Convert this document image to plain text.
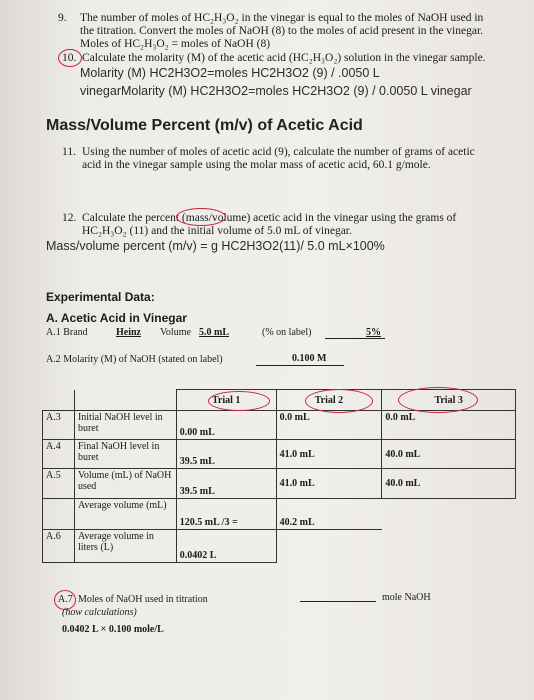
9. The number of moles of HC₂H₃O₂ in the vinegar is equal to the moles of NaOH used in
the titration. Convert the moles of NaOH (8) to the moles of acid present in the vinegar.
Moles of HC₂H₃O₂ = moles of NaOH (8)
10. Calculate the molarity (M) of the acetic acid (HC₂H₃O₂) solution in the vinegar sample.
Molarity (M) HC2H3O2=moles HC2H3O2 (9) / .0050 L
vinegarMolarity (M) HC2H3O2=moles HC2H3O2 (9) / 0.0050 L vinegar
Mass/Volume Percent (m/v) of Acetic Acid
11. Using the number of moles of acetic acid (9), calculate the number of grams of acetic
acid in the vinegar sample using the molar mass of acetic acid, 60.1 g/mole.
12. Calculate the percent (mass/volume) acetic acid in the vinegar using the grams of
HC₂H₃O₂ (11) and the initial volume of 5.0 mL of vinegar.
Mass/volume percent (m/v) = g HC2H3O2(11)/ 5.0 mL×100%
Experimental Data:
A. Acetic Acid in Vinegar
A.1 Brand	Heinz Volume 5.0 mL	(% on label)	5%
A.2 Molarity (M) of NaOH (stated on label)	0.100 M
		Trial 1	Trial 2	Trial 3
A.3	Initial NaOH level in buret	0.00 mL	0.0 mL	0.0 mL
A.4	Final NaOH level in buret	39.5 mL	41.0 mL	40.0 mL
A.5	Volume (mL) of NaOH used	39.5 mL	41.0 mL	40.0 mL
	Average volume (mL)	120.5 mL /3 =	40.2 mL	
A.6	Average volume in liters (L)	0.0402 L		
A.7 Moles of NaOH used in titration
(how calculations)
0.0402 L × 0.100 mole/L
mole NaOH
